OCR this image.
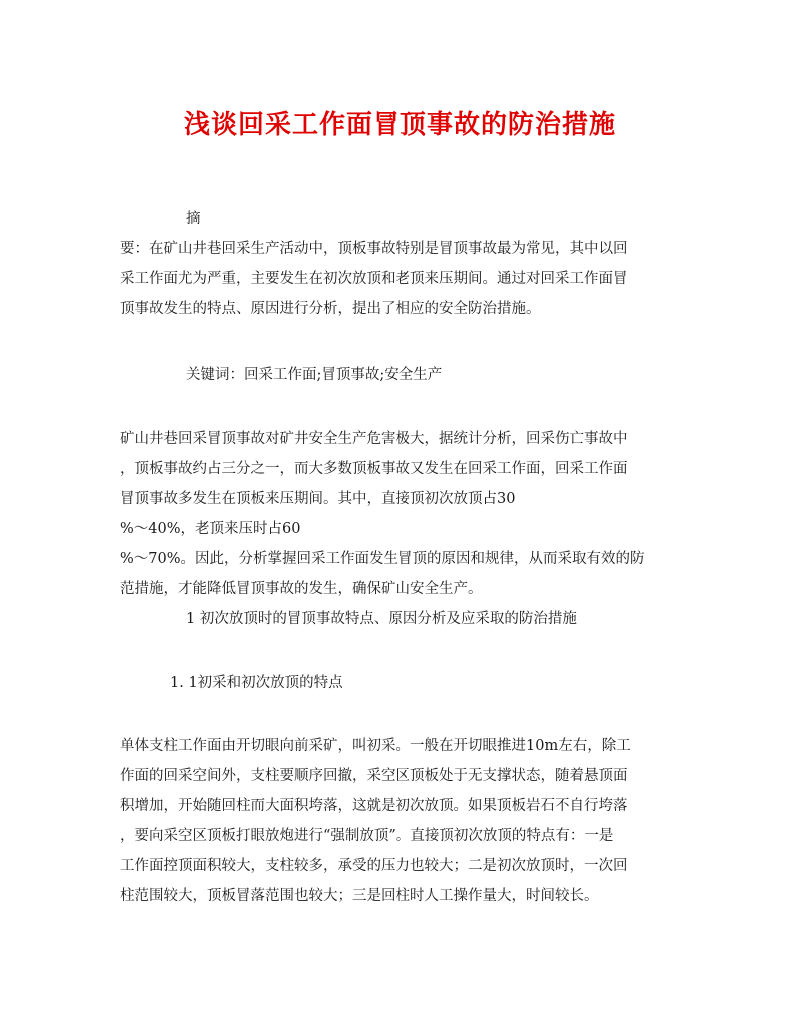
浅谈回采工作面冒顶事故的防治措施

摘

要：在矿山井巷回采生产活动中，顶板事故特别是冒顶事故最为常见，其中以回

采工作面尤为严重，主要发生在初次放顶和老顶来压期间。通过对回采工作面冒

顶事故发生的特点、原因进行分析，提出了相应的安全防治措施。

关键词：回采工作面;冒顶事故;安全生产

矿山井巷回采冒顶事故对矿井安全生产危害极大，据统计分析，回采伤亡事故中

，顶板事故约占三分之一，而大多数顶板事故又发生在回采工作面，回采工作面

冒顶事故多发生在顶板来压期间。其中，直接顶初次放顶占30

%～40%，老顶来压时占60

%～70%。因此，分析掌握回采工作面发生冒顶的原因和规律，从而采取有效的防

范措施，才能降低冒顶事故的发生，确保矿山安全生产。

1 初次放顶时的冒顶事故特点、原因分析及应采取的防治措施

1. 1初采和初次放顶的特点

单体支柱工作面由开切眼向前采矿，叫初采。一般在开切眼推进10m左右，除工

作面的回采空间外，支柱要顺序回撤，采空区顶板处于无支撑状态，随着悬顶面

积增加，开始随回柱而大面积垮落，这就是初次放顶。如果顶板岩石不自行垮落

，要向采空区顶板打眼放炮进行“强制放顶”。直接顶初次放顶的特点有：一是

工作面控顶面积较大，支柱较多，承受的压力也较大；二是初次放顶时，一次回

柱范围较大，顶板冒落范围也较大；三是回柱时人工操作量大，时间较长。
